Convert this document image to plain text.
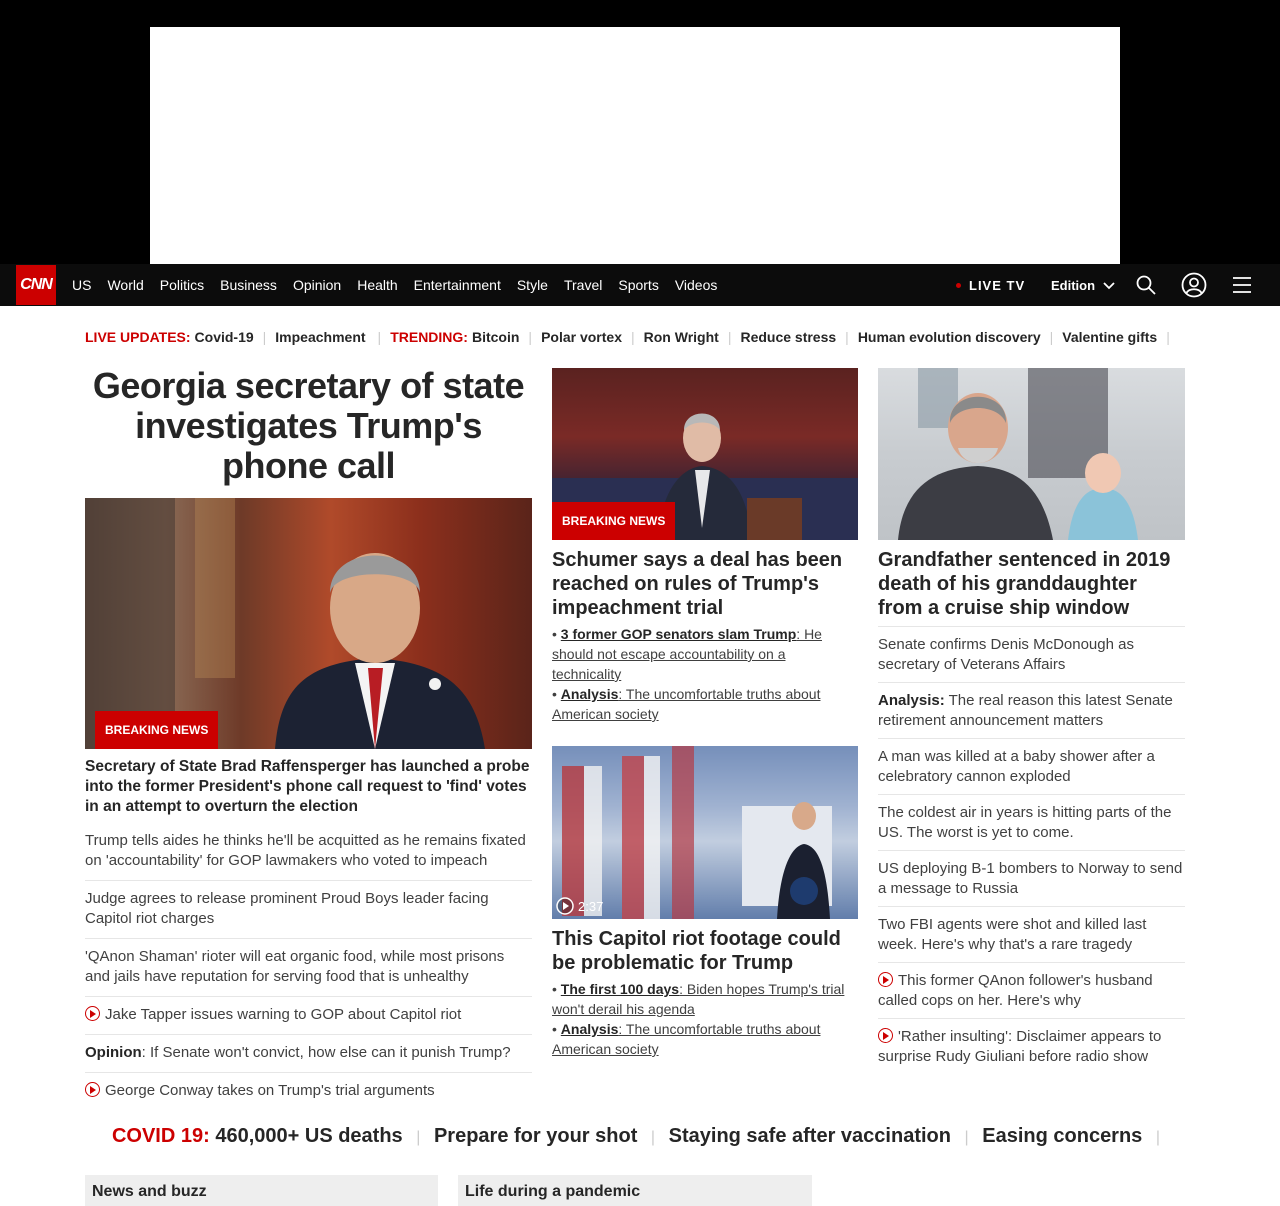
CNN US World Politics Business Opinion Health Entertainment Style Travel Sports Videos	LIVE TV Edition
LIVE UPDATES: Covid-19 | Impeachment | TRENDING: Bitcoin | Polar vortex | Ron Wright | Reduce stress | Human evolution discovery | Valentine gifts |
Georgia secretary of state investigates Trump's phone call
BREAKING NEWS
Secretary of State Brad Raffensperger has launched a probe into the former President's phone call request to 'find' votes in an attempt to overturn the election
Trump tells aides he thinks he'll be acquitted as he remains fixated on 'accountability' for GOP lawmakers who voted to impeach
Judge agrees to release prominent Proud Boys leader facing Capitol riot charges
'QAnon Shaman' rioter will eat organic food, while most prisons and jails have reputation for serving food that is unhealthy
Jake Tapper issues warning to GOP about Capitol riot
Opinion: If Senate won't convict, how else can it punish Trump?
George Conway takes on Trump's trial arguments
BREAKING NEWS
Schumer says a deal has been reached on rules of Trump's impeachment trial

• 3 former GOP senators slam Trump: He should not escape accountability on a technicality

• Analysis: The uncomfortable truths about American society

2:37
This Capitol riot footage could be problematic for Trump

• The first 100 days: Biden hopes Trump's trial won't derail his agenda

• Analysis: The uncomfortable truths about American society

Grandfather sentenced in 2019 death of his granddaughter from a cruise ship window
Senate confirms Denis McDonough as secretary of Veterans Affairs
Analysis: The real reason this latest Senate retirement announcement matters
A man was killed at a baby shower after a celebratory cannon exploded
The coldest air in years is hitting parts of the US. The worst is yet to come.
US deploying B-1 bombers to Norway to send a message to Russia
Two FBI agents were shot and killed last week. Here's why that's a rare tragedy
This former QAnon follower's husband called cops on her. Here's why
'Rather insulting': Disclaimer appears to surprise Rudy Giuliani before radio show
COVID 19: 460,000+ US deaths | Prepare for your shot | Staying safe after vaccination | Easing concerns |
News and buzz	Life during a pandemic
